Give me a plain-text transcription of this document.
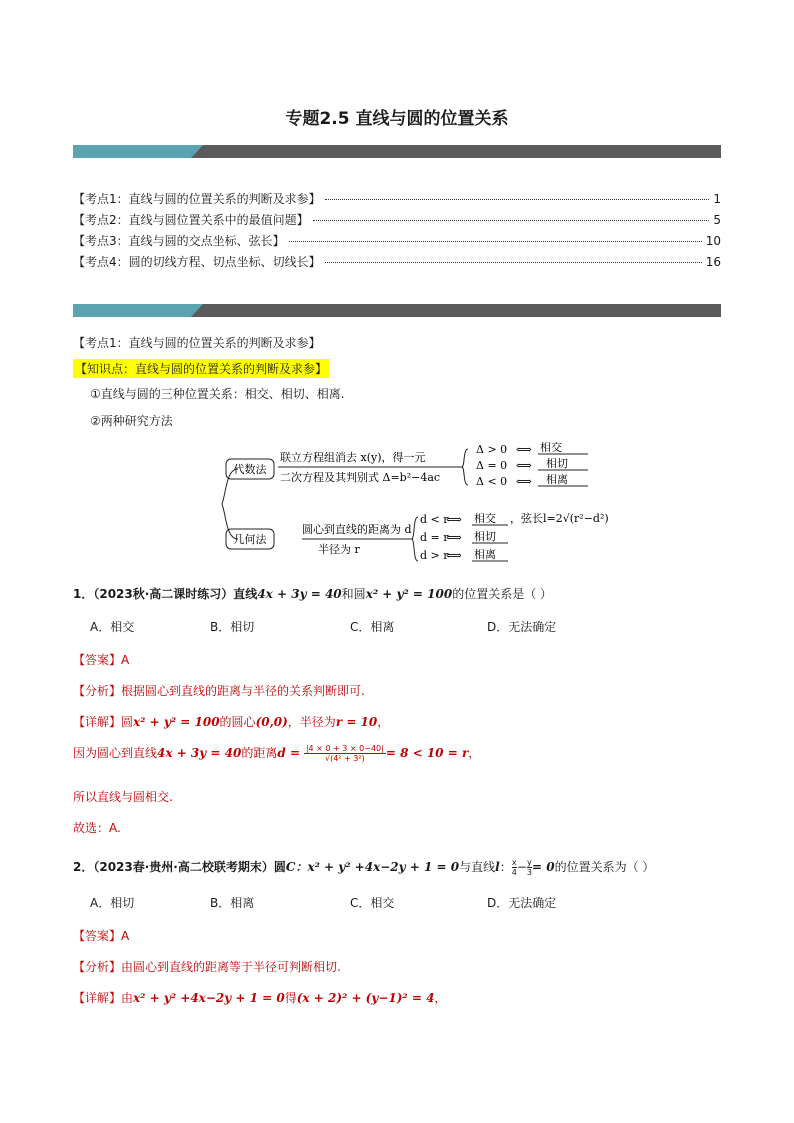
专题2.5 直线与圆的位置关系
【考点1：直线与圆的位置关系的判断及求参】	1
【考点2：直线与圆位置关系中的最值问题】	5
【考点3：直线与圆的交点坐标、弦长】	10
【考点4：圆的切线方程、切点坐标、切线长】	16
【考点1：直线与圆的位置关系的判断及求参】
【知识点：直线与圆的位置关系的判断及求参】
①直线与圆的三种位置关系：相交、相切、相离.
②两种研究方法
代数法
联立方程组消去 x(y)，得一元
二次方程及其判别式 Δ=b²−4ac
Δ > 0
Δ = 0
Δ < 0
⟺
⟺
⟺
相交
相切
相离
几何法
圆心到直线的距离为 d
半径为 r
d < r
d = r
d > r
⟺
⟺
⟺
相交
相切
相离
，弦长l=2√(r²−d²)
1．（2023秋·高二课时练习）直线4x + 3y = 40和圆x² + y² = 100的位置关系是（ ）
A．相交	B．相切	C．相离	D．无法确定
【答案】A
【分析】根据圆心到直线的距离与半径的关系判断即可.
【详解】圆x² + y² = 100的圆心(0,0)，半径为r = 10，
因为圆心到直线4x + 3y = 40的距离$d = \frac{|4 \times 0 + 3 \times 0-40|}{\text{√(4² + 3²)}} = 8 < 10 = r$，
所以直线与圆相交.
故选：A.
2．（2023春·贵州·高二校联考期末）圆C：x² + y² +4x−2y + 1 = 0与直线l： $\frac{x}{4} - \frac{y}{3} = 0$的位置关系为（ ）
A．相切	B．相离	C．相交	D．无法确定
【答案】A
【分析】由圆心到直线的距离等于半径可判断相切.
【详解】由x² + y² +4x−2y + 1 = 0得(x + 2)² + (y−1)² = 4，
